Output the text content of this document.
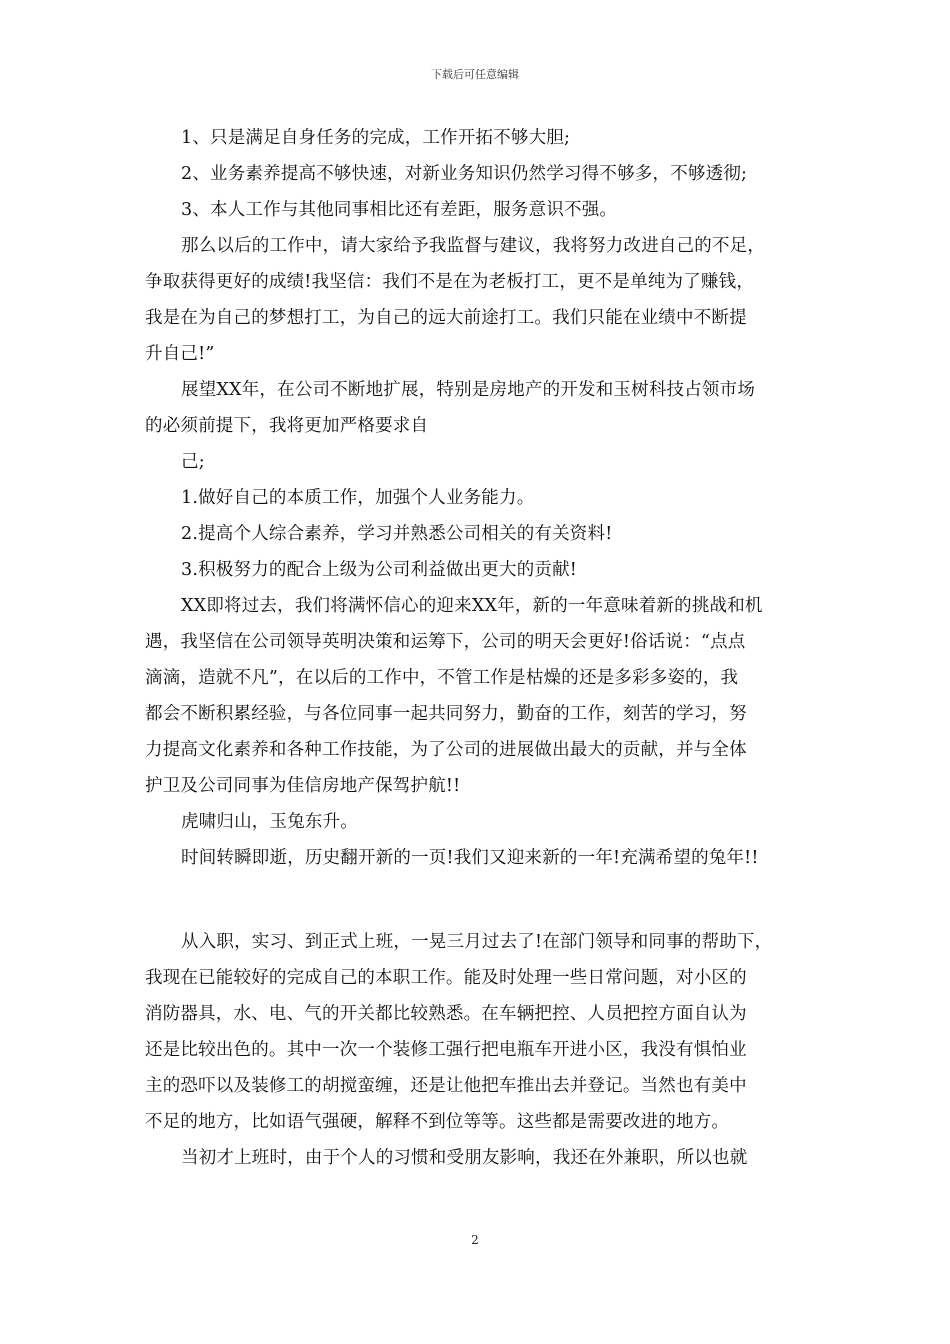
下载后可任意编辑
1、只是满足自身任务的完成，工作开拓不够大胆;
2、业务素养提高不够快速，对新业务知识仍然学习得不够多，不够透彻;
3、本人工作与其他同事相比还有差距，服务意识不强。
那么以后的工作中，请大家给予我监督与建议，我将努力改进自己的不足，
争取获得更好的成绩!我坚信：我们不是在为老板打工，更不是单纯为了赚钱，
我是在为自己的梦想打工，为自己的远大前途打工。我们只能在业绩中不断提
升自己!”
展望XX年，在公司不断地扩展，特别是房地产的开发和玉树科技占领市场
的必须前提下，我将更加严格要求自
己;
1.做好自己的本质工作，加强个人业务能力。
2.提高个人综合素养，学习并熟悉公司相关的有关资料!
3.积极努力的配合上级为公司利益做出更大的贡献!
XX即将过去，我们将满怀信心的迎来XX年，新的一年意味着新的挑战和机
遇，我坚信在公司领导英明决策和运筹下，公司的明天会更好!俗话说：“点点
滴滴，造就不凡”，在以后的工作中，不管工作是枯燥的还是多彩多姿的，我
都会不断积累经验，与各位同事一起共同努力，勤奋的工作，刻苦的学习，努
力提高文化素养和各种工作技能，为了公司的进展做出最大的贡献，并与全体
护卫及公司同事为佳信房地产保驾护航!!
虎啸归山，玉兔东升。
时间转瞬即逝，历史翻开新的一页!我们又迎来新的一年!充满希望的兔年!!
从入职，实习、到正式上班，一晃三月过去了!在部门领导和同事的帮助下，
我现在已能较好的完成自己的本职工作。能及时处理一些日常问题，对小区的
消防器具，水、电、气的开关都比较熟悉。在车辆把控、人员把控方面自认为
还是比较出色的。其中一次一个装修工强行把电瓶车开进小区，我没有惧怕业
主的恐吓以及装修工的胡搅蛮缠，还是让他把车推出去并登记。当然也有美中
不足的地方，比如语气强硬，解释不到位等等。这些都是需要改进的地方。
当初才上班时，由于个人的习惯和受朋友影响，我还在外兼职，所以也就
2
